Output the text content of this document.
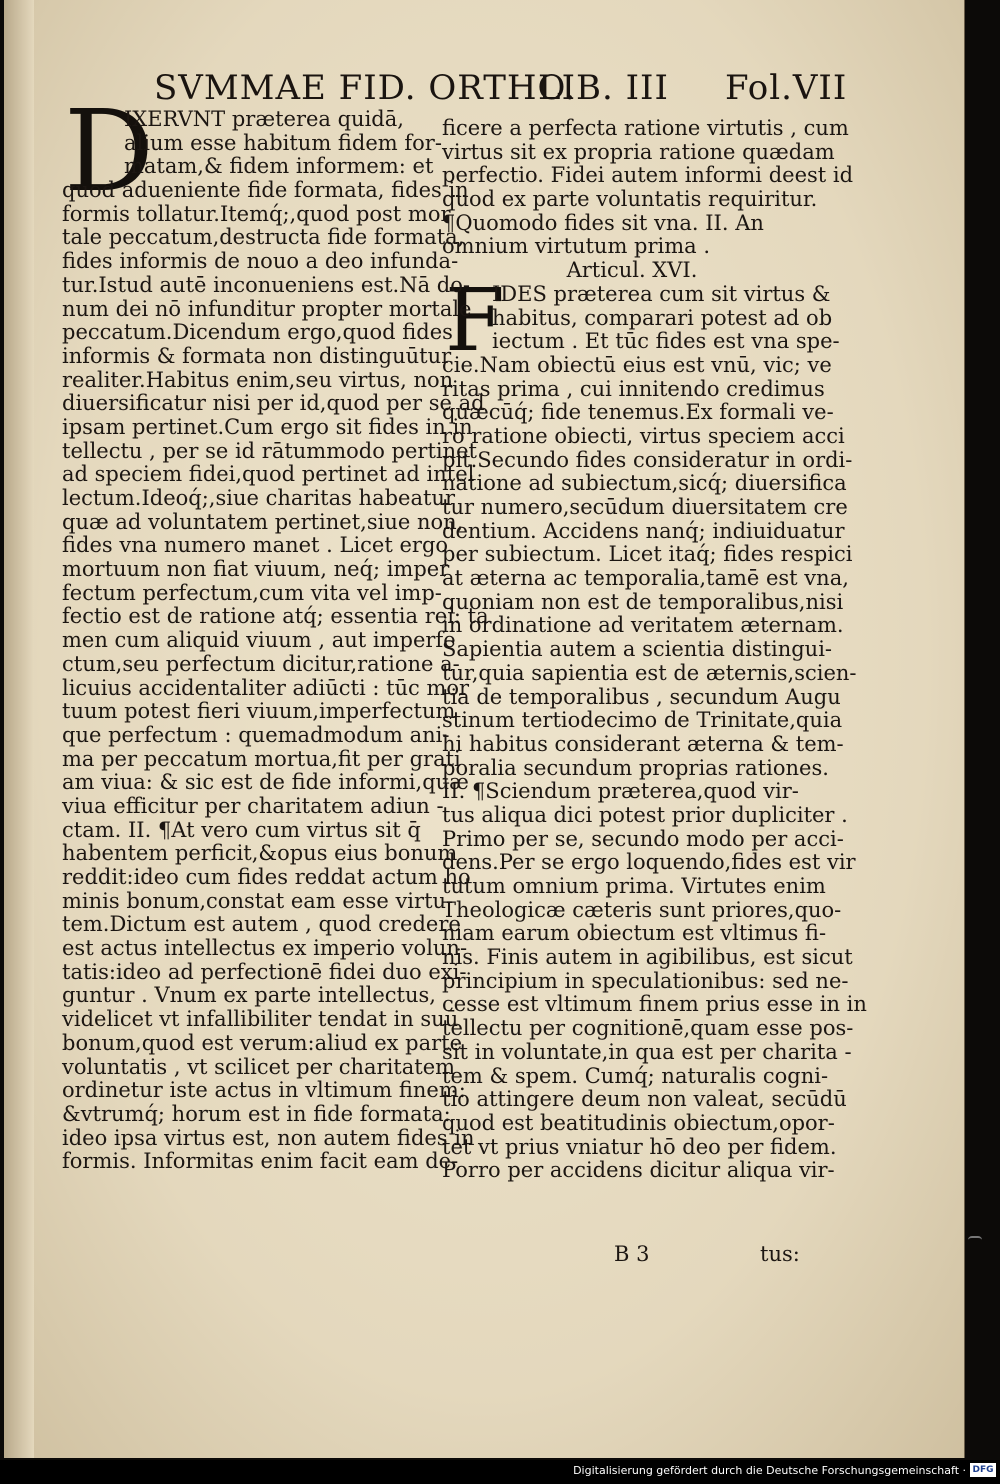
SVMMAE FID. ORTHO.
LIB. III Fol.VII
D
F
IXERVNT præterea quidā,
alium esse habitum fidem for-
matam,& fidem informem: et
quod adueniente fide formata, fides in
formis tollatur.Itemq́;,quod post mor
tale peccatum,destructa fide formata,
fides informis de nouo a deo infunda-
tur.Istud autē inconueniens est.Nā do-
num dei nō infunditur propter mortale
peccatum.Dicendum ergo,quod fides
informis & formata non distinguūtur
realiter.Habitus enim,seu virtus, non
diuersificatur nisi per id,quod per se ad
ipsam pertinet.Cum ergo sit fides in in
tellectu , per se id rātummodo pertinet
ad speciem fidei,quod pertinet ad intel
lectum.Ideoq́;,siue charitas habeatur
quæ ad voluntatem pertinet,siue non,
fides vna numero manet . Licet ergo
mortuum non fiat viuum, neq́; imper
fectum perfectum,cum vita vel imp-
fectio est de ratione atq́; essentia rei: ta
men cum aliquid viuum , aut imperfe
ctum,seu perfectum dicitur,ratione a-
licuius accidentaliter adiūcti : tūc mor
tuum potest fieri viuum,imperfectum
que perfectum : quemadmodum ani-
ma per peccatum mortua,fit per grati
am viua: & sic est de fide informi,quæ
viua efficitur per charitatem adiun -
ctam. II. ¶At vero cum virtus sit q̄
habentem perficit,&opus eius bonum
reddit:ideo cum fides reddat actum ho
minis bonum,constat eam esse virtu-
tem.Dictum est autem , quod credere
est actus intellectus ex imperio volun-
tatis:ideo ad perfectionē fidei duo exi-
guntur . Vnum ex parte intellectus,
videlicet vt infallibiliter tendat in suū
bonum,quod est verum:aliud ex parte
voluntatis , vt scilicet per charitatem
ordinetur iste actus in vltimum finem:
&vtrumq́; horum est in fide formata:
ideo ipsa virtus est, non autem fides in
formis. Informitas enim facit eam de-
ficere a perfecta ratione virtutis , cum
virtus sit ex propria ratione quædam
perfectio. Fidei autem informi deest id
quod ex parte voluntatis requiritur.
¶Quomodo fides sit vna. II. An
omnium virtutum prima .
Articul. XVI.
IDES præterea cum sit virtus &
habitus, comparari potest ad ob
iectum . Et tūc fides est vna spe-
cie.Nam obiectū eius est vnū, vic; ve
ritas prima , cui innitendo credimus
quæcūq́; fide tenemus.Ex formali ve-
ro ratione obiecti, virtus speciem acci
pit.Secundo fides consideratur in ordi-
natione ad subiectum,sicq́; diuersifica
tur numero,secūdum diuersitatem cre
dentium. Accidens nanq́; indiuiduatur
per subiectum. Licet itaq́; fides respici
at æterna ac temporalia,tamē est vna,
quoniam non est de temporalibus,nisi
in ordinatione ad veritatem æternam.
Sapientia autem a scientia distingui-
tur,quia sapientia est de æternis,scien-
tia de temporalibus , secundum Augu
stinum tertiodecimo de Trinitate,quia
hi habitus considerant æterna & tem-
poralia secundum proprias rationes.
II. ¶Sciendum præterea,quod vir-
tus aliqua dici potest prior dupliciter .
Primo per se, secundo modo per acci-
dens.Per se ergo loquendo,fides est vir
tutum omnium prima. Virtutes enim
Theologicæ cæteris sunt priores,quo-
niam earum obiectum est vltimus fi-
nis. Finis autem in agibilibus, est sicut
principium in speculationibus: sed ne-
cesse est vltimum finem prius esse in in
tellectu per cognitionē,quam esse pos-
sit in voluntate,in qua est per charita -
tem & spem. Cumq́; naturalis cogni-
tio attingere deum non valeat, secūdū
quod est beatitudinis obiectum,opor-
tet vt prius vniatur hō deo per fidem.
Porro per accidens dicitur aliqua vir-
B 3	tus:
Digitalisierung gefördert durch die Deutsche Forschungsgemeinschaft · DFG
